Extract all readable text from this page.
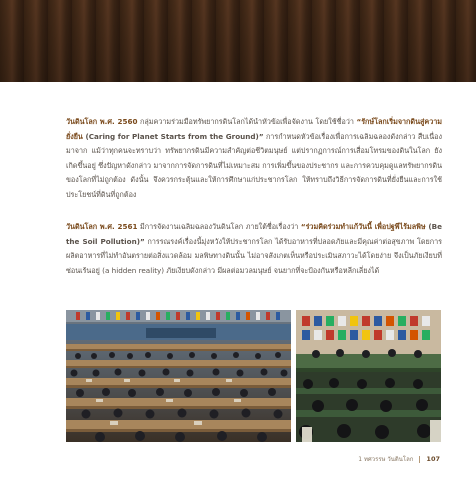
วันดินโลก พ.ศ. 2560 กลุ่มความร่วมมือทรัพยากรดินโลกได้นำหัวข้อเพื่อจัดงาน โดยใช้ชื่อว่า “รักษ์โลกเริ่มจากดินสู่ความยั่งยืน (Caring for Planet Starts from the Ground)” การกำหนดหัวข้อเรื่องเพื่อการเฉลิมฉลองดังกล่าว สืบเนื่องมาจาก แม้ว่าทุกคนจะทราบว่า ทรัพยากรดินมีความสำคัญต่อชีวิตมนุษย์ แต่ปรากฏการณ์การเสื่อมโทรมของดินในโลก ยังเกิดขึ้นอยู่ ซึ่งปัญหาดังกล่าว มาจากการจัดการดินที่ไม่เหมาะสม การเพิ่มขึ้นของประชากร และการควบคุมดูแลทรัพยากรดินของโลกที่ไม่ถูกต้อง ดังนั้น จึงควรกระตุ้นและให้การศึกษาแก่ประชากรโลก ให้ทราบถึงวิธีการจัดการดินที่ยั่งยืนและการใช้ประโยชน์ที่ดินที่ถูกต้อง

วันดินโลก พ.ศ. 2561 มีการจัดงานเฉลิมฉลองวันดินโลก ภายใต้ชื่อเรื่องว่า “ร่วมคิดร่วมทำแก้วันนี้ เพื่อปฐพีไร้มลพิษ (Be the Soil Pollution)” การรณรงค์เรื่องนี้มุ่งหวังให้ประชากรโลก ได้รับอาหารที่ปลอดภัยและมีคุณค่าต่อสุขภาพ โดยการผลิตอาหารที่ไม่ทำอันตรายต่อสิ่งแวดล้อม มลพิษทางดินนั้น ไม่อาจสังเกตเห็นหรือประเมินสภาวะได้โดยง่าย จึงเป็นภัยเงียบที่ซ่อนเร้นอยู่ (a hidden reality) ภัยเงียบดังกล่าว มีผลต่อมวลมนุษย์ จนยากที่จะป้องกันหรือหลีกเลี่ยงได้

1 ทศวรรษ วันดินโลก 107
